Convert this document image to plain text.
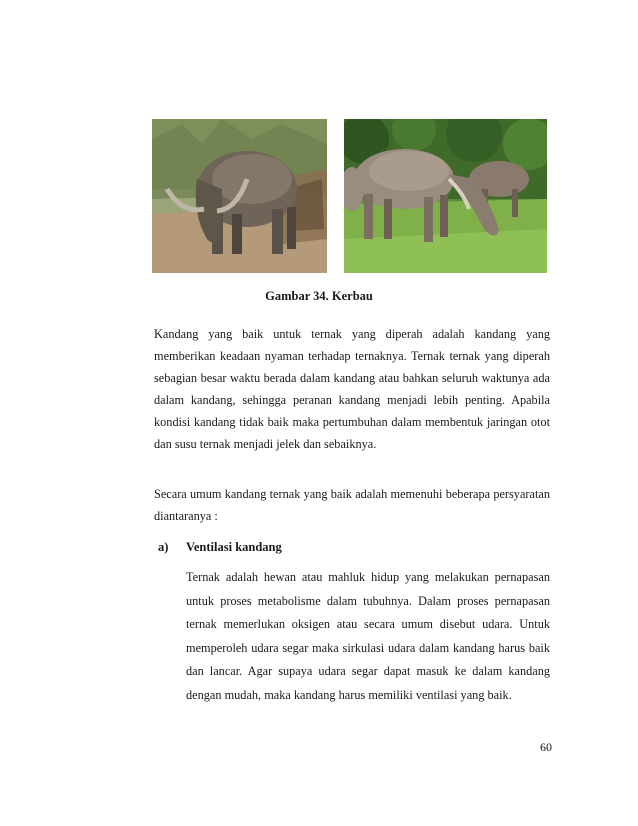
Gambar 34. Kerbau

Kandang yang baik untuk ternak yang diperah adalah kandang yang memberikan keadaan nyaman terhadap ternaknya. Ternak ternak yang diperah sebagian besar waktu berada dalam kandang atau bahkan seluruh waktunya ada dalam kandang, sehingga peranan kandang menjadi lebih penting. Apabila kondisi kandang tidak baik maka pertumbuhan dalam membentuk jaringan otot dan susu ternak menjadi jelek dan sebaiknya.

Secara umum kandang ternak yang baik adalah memenuhi beberapa persyaratan diantaranya :

a) Ventilasi kandang

Ternak adalah hewan atau mahluk hidup yang melakukan pernapasan untuk proses metabolisme dalam tubuhnya. Dalam proses pernapasan ternak memerlukan oksigen atau secara umum disebut udara. Untuk memperoleh udara segar maka sirkulasi udara dalam kandang harus baik dan lancar. Agar supaya udara segar dapat masuk ke dalam kandang dengan mudah, maka kandang harus memiliki ventilasi yang baik.

60
